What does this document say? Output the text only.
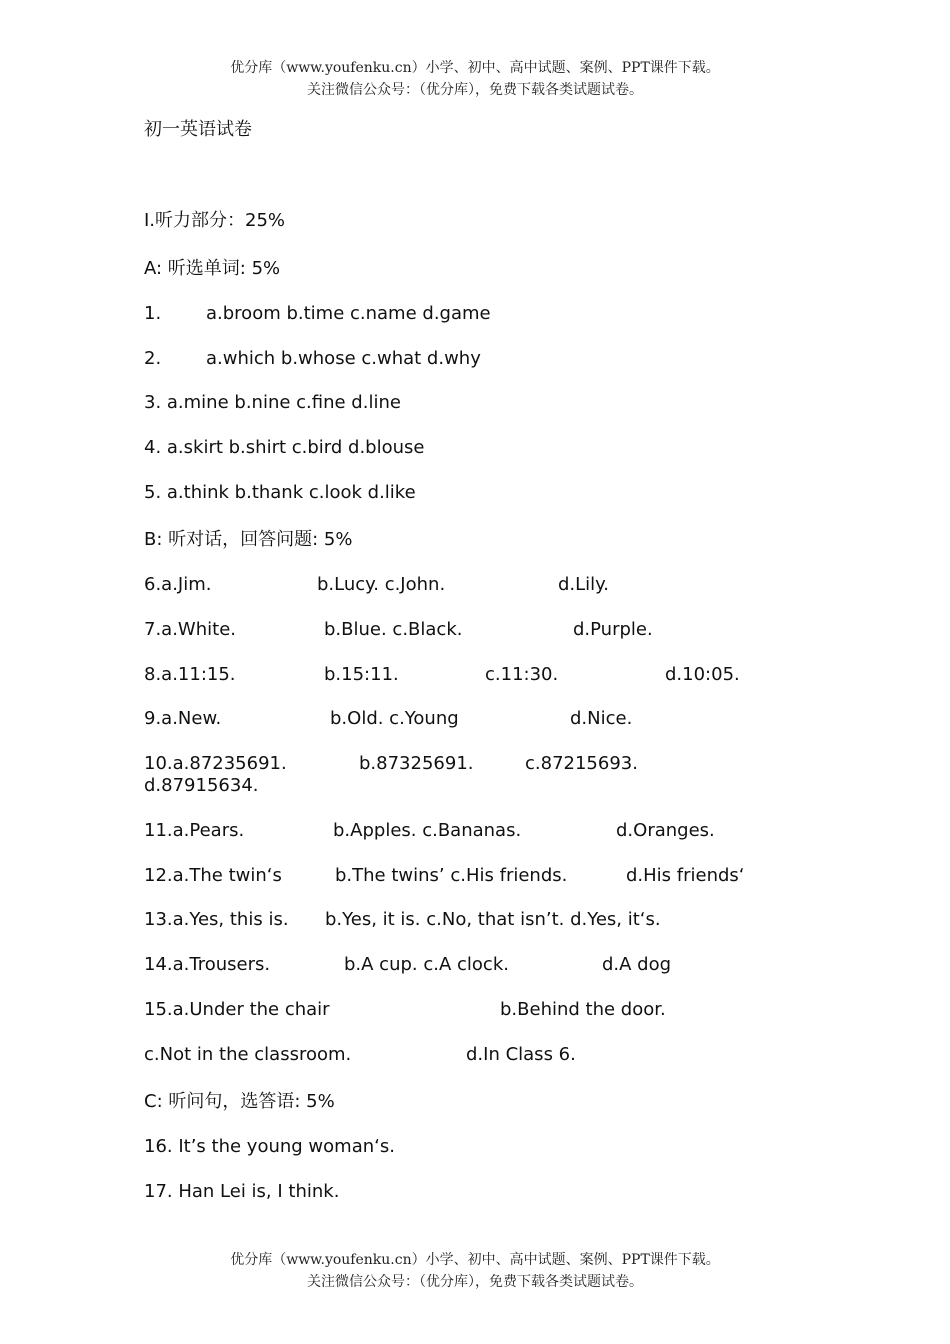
优分库（www.youfenku.cn）小学、初中、高中试题、案例、PPT课件下载。
关注微信公众号：（优分库），免费下载各类试题试卷。
初一英语试卷
I.听力部分：25%
A: 听选单词: 5%
1. a.broom b.time c.name d.game
2. a.which b.whose c.what d.why
3. a.mine b.nine c.fine d.line
4. a.skirt b.shirt c.bird d.blouse
5. a.think b.thank c.look d.like
B: 听对话，回答问题: 5%
6.a.Jim.	b.Lucy. c.John.	d.Lily.
7.a.White.	b.Blue. c.Black.	d.Purple.
8.a.11:15.	b.15:11.	c.11:30.	d.10:05.
9.a.New.	b.Old. c.Young	d.Nice.
10.a.87235691.	b.87325691.	c.87215693.
d.87915634.
11.a.Pears.	b.Apples. c.Bananas.	d.Oranges.
12.a.The twin‘s	b.The twins’ c.His friends.	d.His friends‘
13.a.Yes, this is. b.Yes, it is. c.No, that isn’t. d.Yes, it‘s.
14.a.Trousers.	b.A cup. c.A clock.	d.A dog
15.a.Under the chair	b.Behind the door.
c.Not in the classroom.	d.In Class 6.
C: 听问句，选答语: 5%
16. It’s the young woman‘s.
17. Han Lei is, I think.
优分库（www.youfenku.cn）小学、初中、高中试题、案例、PPT课件下载。
关注微信公众号：（优分库），免费下载各类试题试卷。
